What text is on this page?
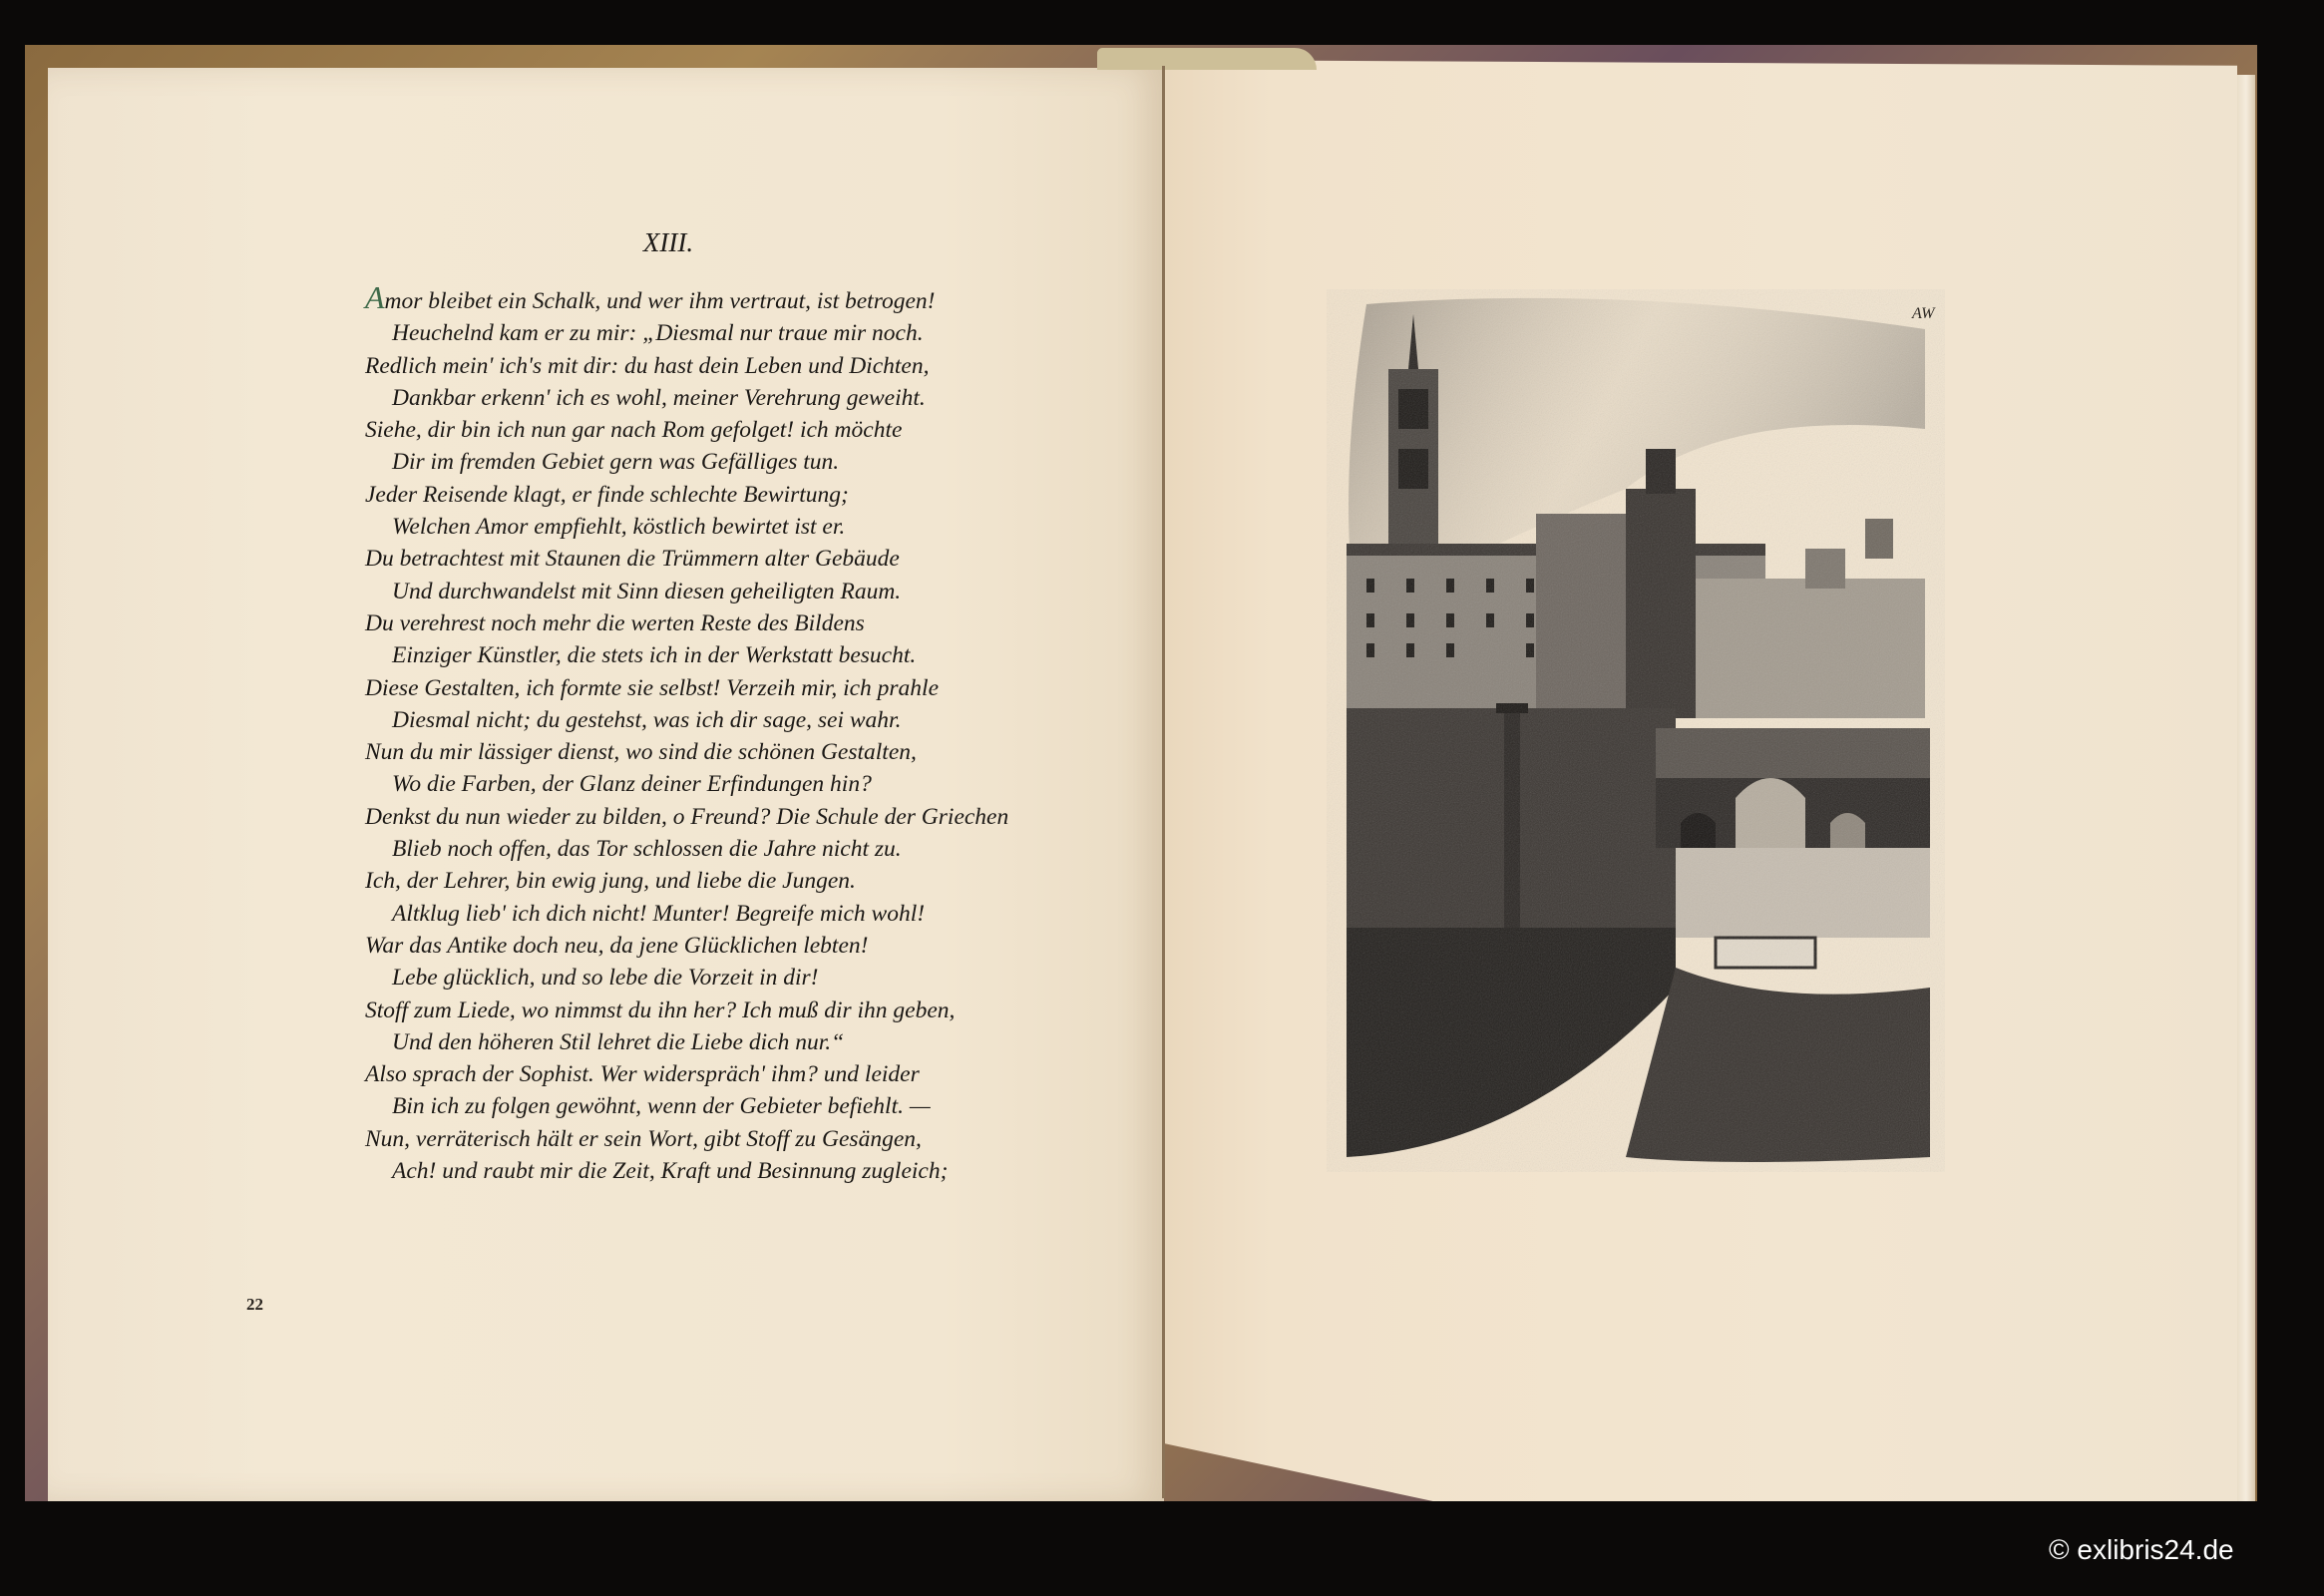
XIII.
Amor bleibet ein Schalk, und wer ihm vertraut, ist betrogen!
Heuchelnd kam er zu mir: „Diesmal nur traue mir noch.
Redlich mein' ich's mit dir: du hast dein Leben und Dichten,
Dankbar erkenn' ich es wohl, meiner Verehrung geweiht.
Siehe, dir bin ich nun gar nach Rom gefolget! ich möchte
Dir im fremden Gebiet gern was Gefälliges tun.
Jeder Reisende klagt, er finde schlechte Bewirtung;
Welchen Amor empfiehlt, köstlich bewirtet ist er.
Du betrachtest mit Staunen die Trümmern alter Gebäude
Und durchwandelst mit Sinn diesen geheiligten Raum.
Du verehrest noch mehr die werten Reste des Bildens
Einziger Künstler, die stets ich in der Werkstatt besucht.
Diese Gestalten, ich formte sie selbst! Verzeih mir, ich prahle
Diesmal nicht; du gestehst, was ich dir sage, sei wahr.
Nun du mir lässiger dienst, wo sind die schönen Gestalten,
Wo die Farben, der Glanz deiner Erfindungen hin?
Denkst du nun wieder zu bilden, o Freund? Die Schule der Griechen
Blieb noch offen, das Tor schlossen die Jahre nicht zu.
Ich, der Lehrer, bin ewig jung, und liebe die Jungen.
Altklug lieb' ich dich nicht! Munter! Begreife mich wohl!
War das Antike doch neu, da jene Glücklichen lebten!
Lebe glücklich, und so lebe die Vorzeit in dir!
Stoff zum Liede, wo nimmst du ihn her? Ich muß dir ihn geben,
Und den höheren Stil lehret die Liebe dich nur.“
Also sprach der Sophist. Wer widerspräch' ihm? und leider
Bin ich zu folgen gewöhnt, wenn der Gebieter befiehlt. —
Nun, verräterisch hält er sein Wort, gibt Stoff zu Gesängen,
Ach! und raubt mir die Zeit, Kraft und Besinnung zugleich;
22
AW
© exlibris24.de
